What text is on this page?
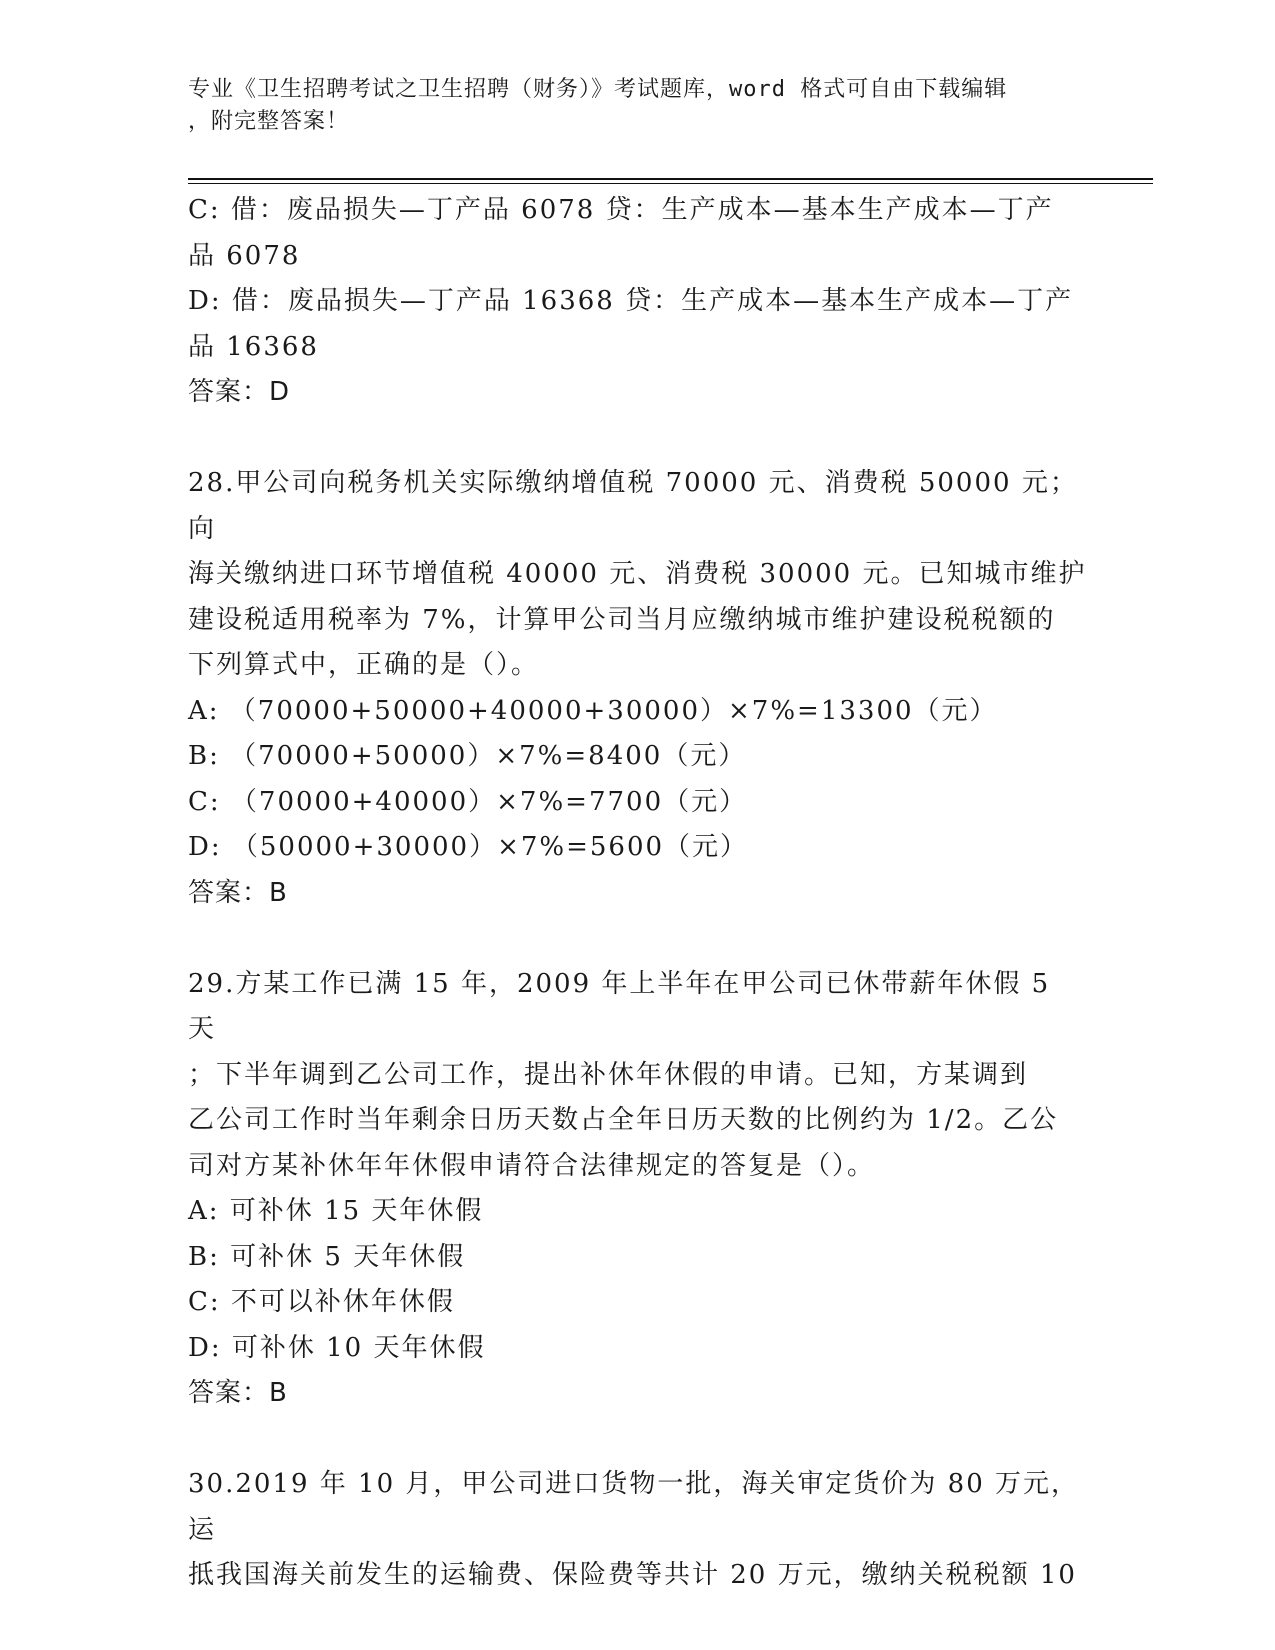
专业《卫生招聘考试之卫生招聘（财务）》考试题库，word 格式可自由下载编辑
，附完整答案！

C: 借：废品损失—丁产品 6078 贷：生产成本—基本生产成本—丁产

品 6078

D: 借：废品损失—丁产品 16368 贷：生产成本—基本生产成本—丁产

品 16368

答案：D

28.甲公司向税务机关实际缴纳增值税 70000 元、消费税 50000 元；向

海关缴纳进口环节增值税 40000 元、消费税 30000 元。已知城市维护

建设税适用税率为 7%，计算甲公司当月应缴纳城市维护建设税税额的

下列算式中，正确的是（）。

A: （70000+50000+40000+30000）×7%=13300（元）

B: （70000+50000）×7%=8400（元）

C: （70000+40000）×7%=7700（元）

D: （50000+30000）×7%=5600（元）

答案：B

29.方某工作已满 15 年，2009 年上半年在甲公司已休带薪年休假 5 天

；下半年调到乙公司工作，提出补休年休假的申请。已知，方某调到

乙公司工作时当年剩余日历天数占全年日历天数的比例约为 1/2。乙公

司对方某补休年年休假申请符合法律规定的答复是（）。

A: 可补休 15 天年休假

B: 可补休 5 天年休假

C: 不可以补休年休假

D: 可补休 10 天年休假

答案：B

30.2019 年 10 月，甲公司进口货物一批，海关审定货价为 80 万元，运

抵我国海关前发生的运输费、保险费等共计 20 万元，缴纳关税税额 10
